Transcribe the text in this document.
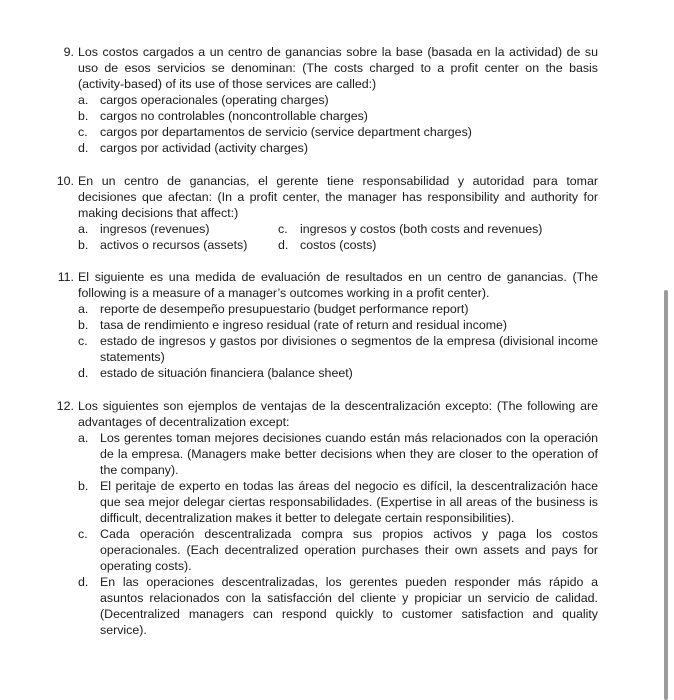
9. Los costos cargados a un centro de ganancias sobre la base (basada en la actividad) de su uso de esos servicios se denominan: (The costs charged to a profit center on the basis (activity-based) of its use of those services are called:)
a. cargos operacionales (operating charges)
b. cargos no controlables (noncontrollable charges)
c. cargos por departamentos de servicio (service department charges)
d. cargos por actividad (activity charges)
10. En un centro de ganancias, el gerente tiene responsabilidad y autoridad para tomar decisiones que afectan: (In a profit center, the manager has responsibility and authority for making decisions that affect:)
a. ingresos (revenues)	c. ingresos y costos (both costs and revenues)
b. activos o recursos (assets)	d. costos (costs)
11. El siguiente es una medida de evaluación de resultados en un centro de ganancias. (The following is a measure of a manager’s outcomes working in a profit center).
a. reporte de desempeño presupuestario (budget performance report)
b. tasa de rendimiento e ingreso residual (rate of return and residual income)
c. estado de ingresos y gastos por divisiones o segmentos de la empresa (divisional income statements)
d. estado de situación financiera (balance sheet)
12. Los siguientes son ejemplos de ventajas de la descentralización excepto: (The following are advantages of decentralization except:
a. Los gerentes toman mejores decisiones cuando están más relacionados con la operación de la empresa. (Managers make better decisions when they are closer to the operation of the company).
b. El peritaje de experto en todas las áreas del negocio es difícil, la descentralización hace que sea mejor delegar ciertas responsabilidades. (Expertise in all areas of the business is difficult, decentralization makes it better to delegate certain responsibilities).
c. Cada operación descentralizada compra sus propios activos y paga los costos operacionales. (Each decentralized operation purchases their own assets and pays for operating costs).
d. En las operaciones descentralizadas, los gerentes pueden responder más rápido a asuntos relacionados con la satisfacción del cliente y propiciar un servicio de calidad. (Decentralized managers can respond quickly to customer satisfaction and quality service).
